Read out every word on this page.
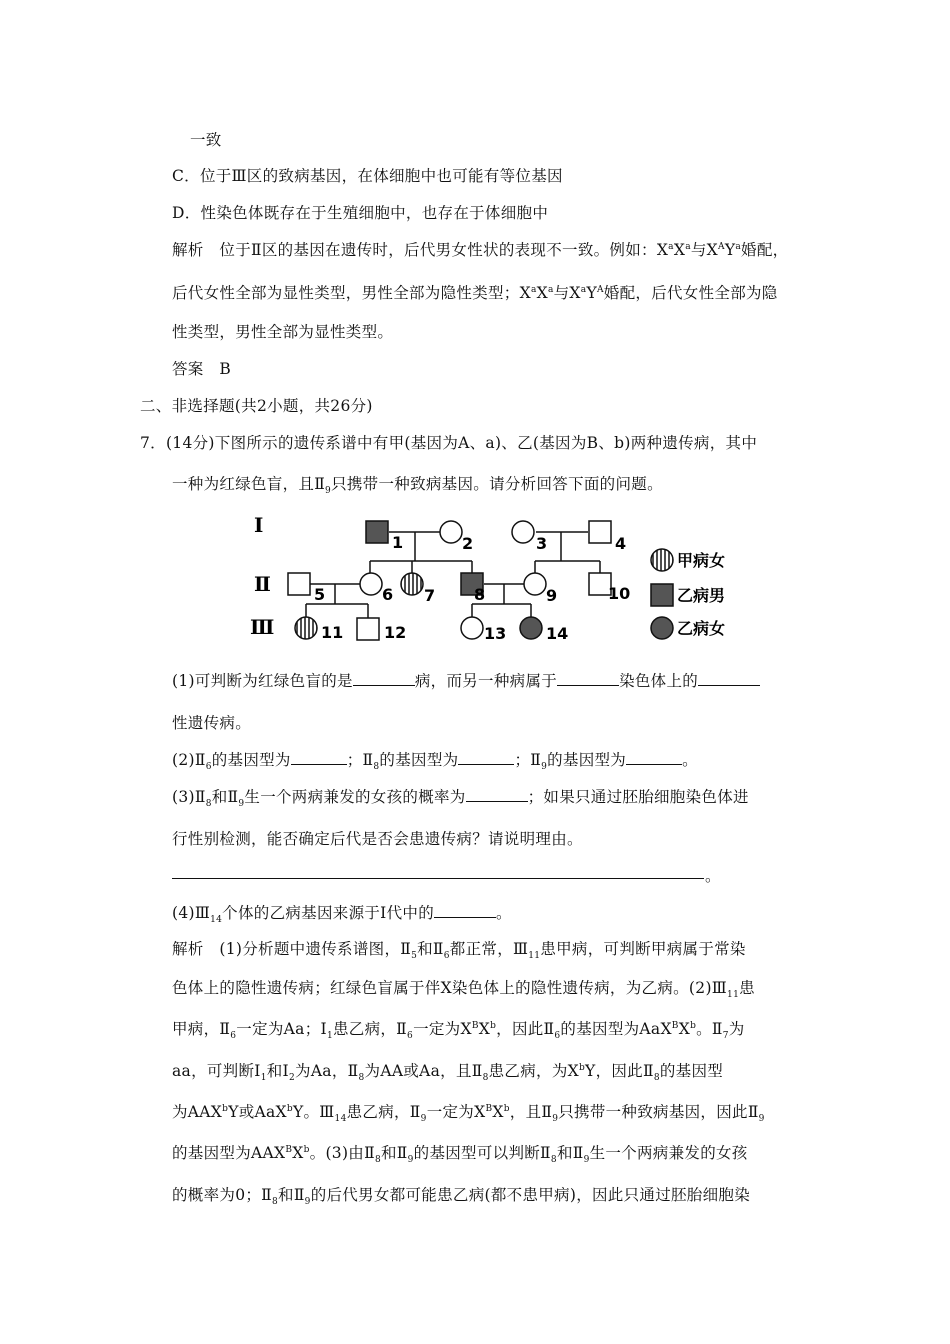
一致
C．位于Ⅲ区的致病基因，在体细胞中也可能有等位基因
D．性染色体既存在于生殖细胞中，也存在于体细胞中
解析　位于Ⅱ区的基因在遗传时，后代男女性状的表现不一致。例如：$X^aX^a$与$X^AY^a$婚配，
后代女性全部为显性类型，男性全部为隐性类型；$X^aX^a$与$X^aY^A$婚配，后代女性全部为隐
性类型，男性全部为显性类型。
答案　B
二、非选择题(共2小题，共26分)
7．(14分)下图所示的遗传系谱中有甲(基因为A、a)、乙(基因为B、b)两种遗传病，其中
一种为红绿色盲，且$Ⅱ_9$只携带一种致病基因。请分析回答下面的问题。
Ⅰ
Ⅱ
Ⅲ
1	2	3	4
5	6 7 8	9	10
11	12	13 14
甲病女
乙病男
乙病女
(1)可判断为红绿色盲的是	病，而另一种病属于	染色体上的
性遗传病。
$(2)Ⅱ_6$的基因型为	；$Ⅱ_8$的基因型为	；$Ⅱ_9$的基因型为	。
$(3)Ⅱ_8$和$Ⅱ_9$生一个两病兼发的女孩的概率为	；如果只通过胚胎细胞染色体进
行性别检测，能否确定后代是否会患遗传病？请说明理由。
。
$(4)Ⅲ_{14}$个体的乙病基因来源于Ⅰ代中的	。
解析　(1)分析题中遗传系谱图，$Ⅱ_5$和$Ⅱ_6$都正常，$Ⅲ_{11}$患甲病，可判断甲病属于常染
色体上的隐性遗传病；红绿色盲属于伴X染色体上的隐性遗传病，为乙病。$(2)Ⅲ_{11}$患
甲病，$Ⅱ_6$一定为Aa；$Ⅰ_1$患乙病，$Ⅱ_6$一定为$X^BX^b$，因此$Ⅱ_6$的基因型为$AaX^BX^b$。$Ⅱ_7$为
aa，可判断$Ⅰ_1$和$Ⅰ_2$为Aa，$Ⅱ_8$为AA或Aa，且$Ⅱ_8$患乙病，为$X^bY$，因此$Ⅱ_8$的基因型
为AAX$^b$Y或AaX$^b$Y。$Ⅲ_{14}$患乙病，$Ⅱ_9$一定为$X^BX^b$，且$Ⅱ_9$只携带一种致病基因，因此$Ⅱ_9$
的基因型为$AAX^BX^b$。(3)由$Ⅱ_8$和$Ⅱ_9$的基因型可以判断$Ⅱ_8$和$Ⅱ_9$生一个两病兼发的女孩
的概率为0；$Ⅱ_8$和$Ⅱ_9$的后代男女都可能患乙病(都不患甲病)，因此只通过胚胎细胞染
